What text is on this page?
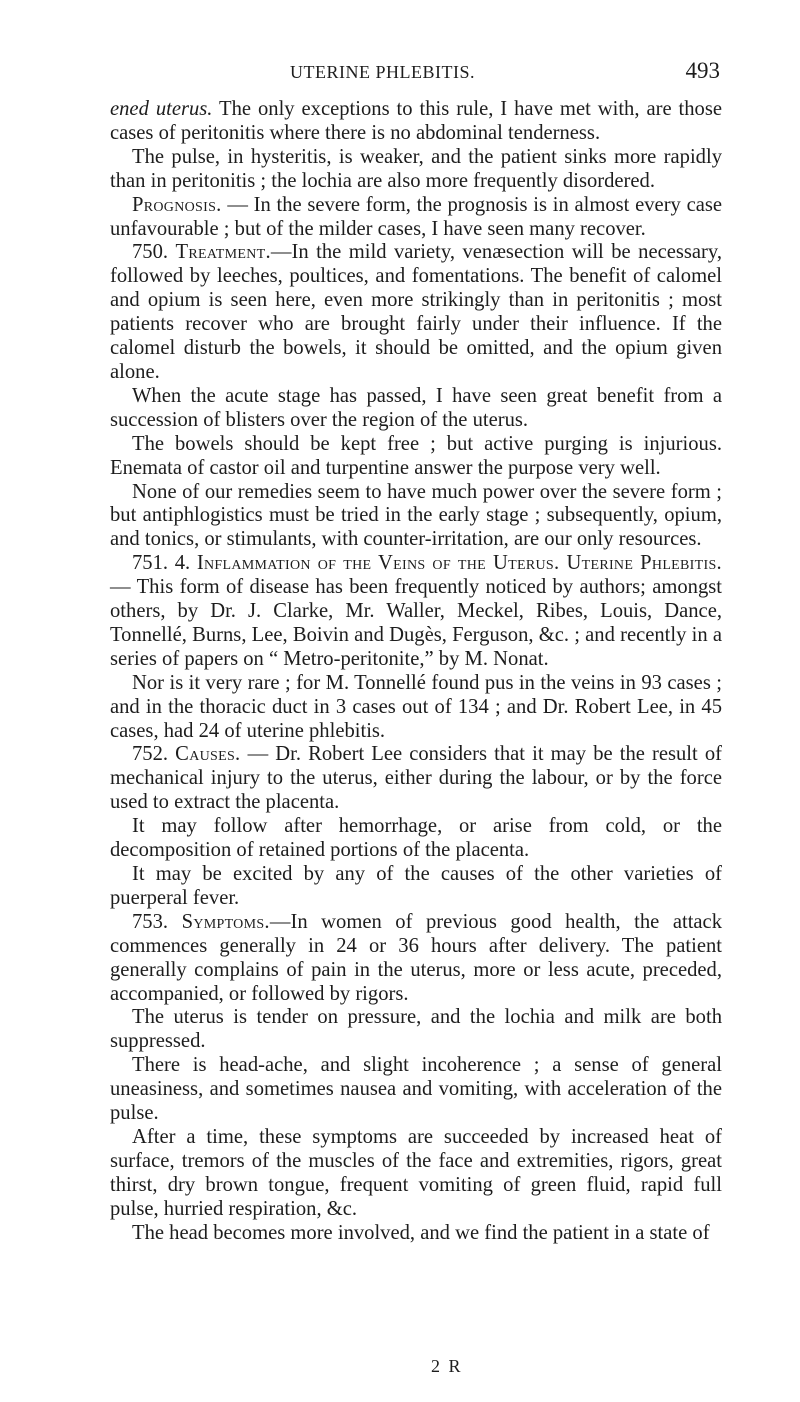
UTERINE PHLEBITIS.	493

ened uterus. The only exceptions to this rule, I have met with, are those cases of peritonitis where there is no abdominal tenderness.

The pulse, in hysteritis, is weaker, and the patient sinks more rapidly than in peritonitis ; the lochia are also more frequently disordered.

Prognosis. — In the severe form, the prognosis is in almost every case unfavourable ; but of the milder cases, I have seen many recover.

750. Treatment.—In the mild variety, venæsection will be necessary, followed by leeches, poultices, and fomentations. The benefit of calomel and opium is seen here, even more strikingly than in peritonitis ; most patients recover who are brought fairly under their influence. If the calomel disturb the bowels, it should be omitted, and the opium given alone.

When the acute stage has passed, I have seen great benefit from a succession of blisters over the region of the uterus.

The bowels should be kept free ; but active purging is injurious. Enemata of castor oil and turpentine answer the purpose very well.

None of our remedies seem to have much power over the severe form ; but antiphlogistics must be tried in the early stage ; subsequently, opium, and tonics, or stimulants, with counter-irritation, are our only resources.

751. 4. Inflammation of the Veins of the Uterus. Uterine Phlebitis. — This form of disease has been frequently noticed by authors; amongst others, by Dr. J. Clarke, Mr. Waller, Meckel, Ribes, Louis, Dance, Tonnellé, Burns, Lee, Boivin and Dugès, Ferguson, &c. ; and recently in a series of papers on “ Metro-peritonite,” by M. Nonat.

Nor is it very rare ; for M. Tonnellé found pus in the veins in 93 cases ; and in the thoracic duct in 3 cases out of 134 ; and Dr. Robert Lee, in 45 cases, had 24 of uterine phlebitis.

752. Causes. — Dr. Robert Lee considers that it may be the result of mechanical injury to the uterus, either during the labour, or by the force used to extract the placenta.

It may follow after hemorrhage, or arise from cold, or the decomposition of retained portions of the placenta.

It may be excited by any of the causes of the other varieties of puerperal fever.

753. Symptoms.—In women of previous good health, the attack commences generally in 24 or 36 hours after delivery. The patient generally complains of pain in the uterus, more or less acute, preceded, accompanied, or followed by rigors.

The uterus is tender on pressure, and the lochia and milk are both suppressed.

There is head-ache, and slight incoherence ; a sense of general uneasiness, and sometimes nausea and vomiting, with acceleration of the pulse.

After a time, these symptoms are succeeded by increased heat of surface, tremors of the muscles of the face and extremities, rigors, great thirst, dry brown tongue, frequent vomiting of green fluid, rapid full pulse, hurried respiration, &c.

The head becomes more involved, and we find the patient in a state of

2 R
